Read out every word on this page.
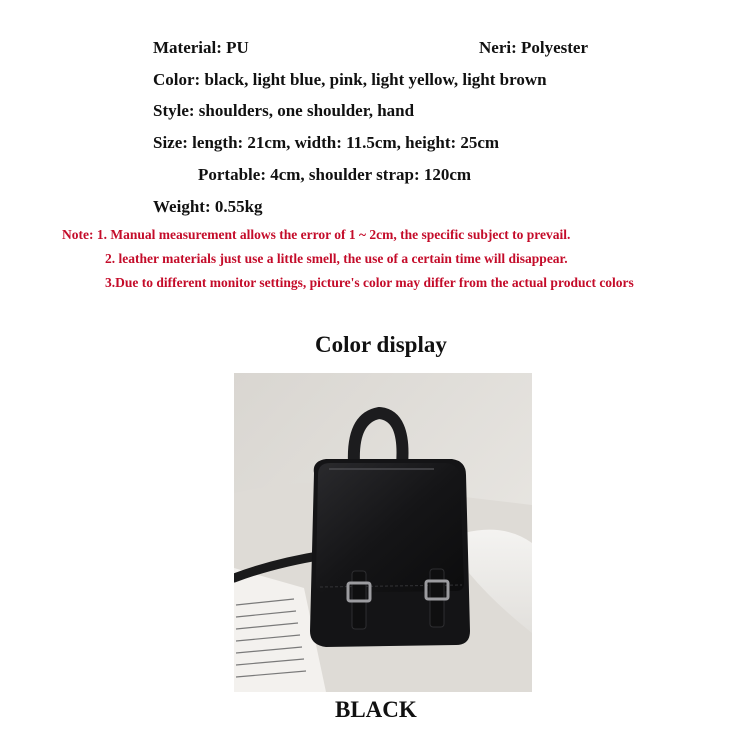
Material: PU	Neri: Polyester
Color: black, light blue, pink, light yellow, light brown
Style: shoulders, one shoulder, hand
Size: length: 21cm, width: 11.5cm, height: 25cm
Portable: 4cm, shoulder strap: 120cm
Weight: 0.55kg
Note: 1. Manual measurement allows the error of 1 ~ 2cm, the specific subject to prevail.
2. leather materials just use a little smell, the use of a certain time will disappear.
3.Due to different monitor settings, picture's color may differ from the actual product colors
Color display
BLACK
